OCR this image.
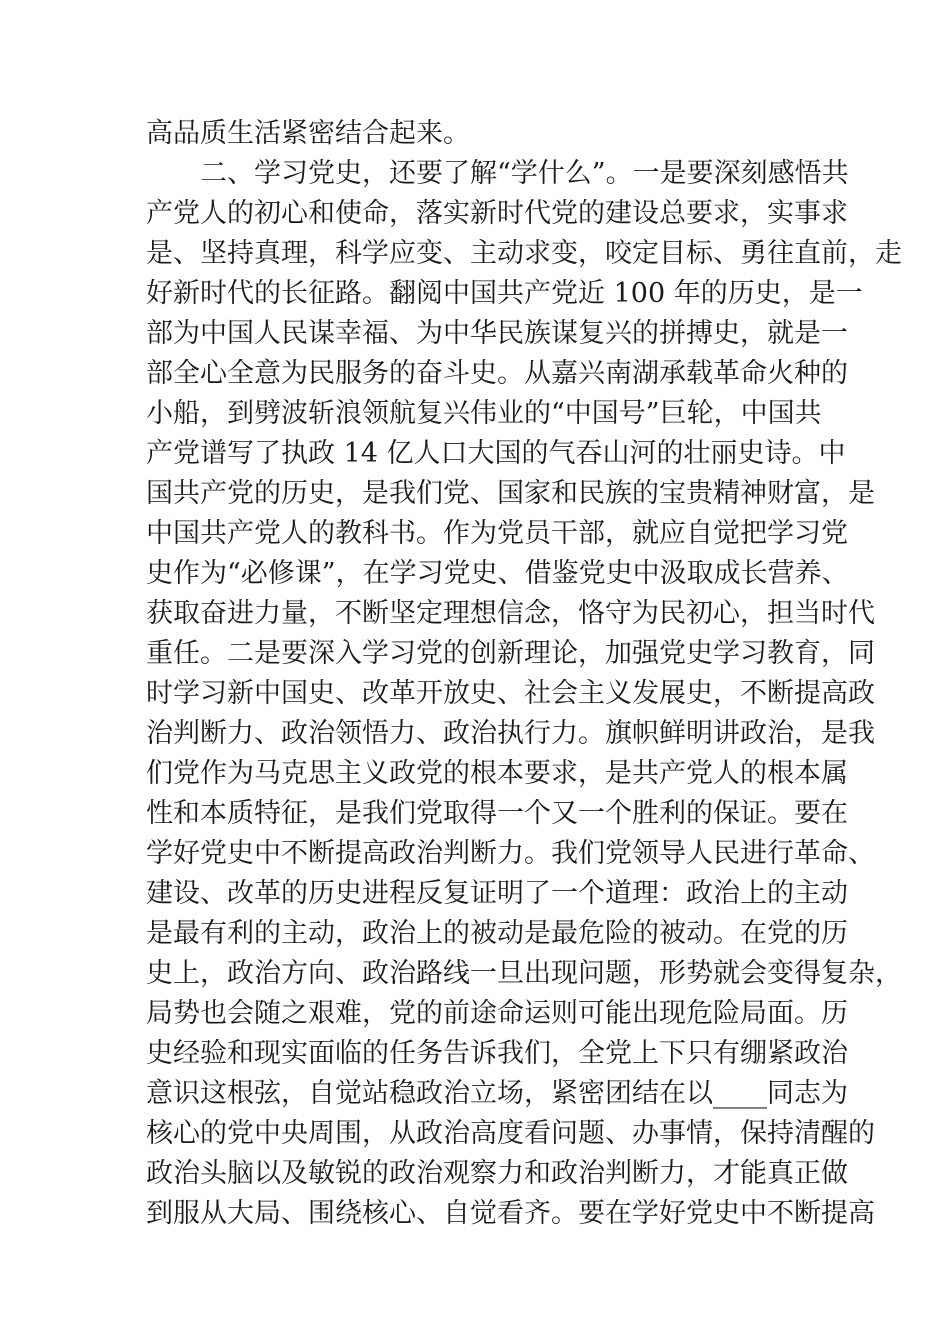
高品质生活紧密结合起来。
二、学习党史，还要了解“学什么”。一是要深刻感悟共
产党人的初心和使命，落实新时代党的建设总要求，实事求
是、坚持真理，科学应变、主动求变，咬定目标、勇往直前，走
好新时代的长征路。翻阅中国共产党近 100 年的历史，是一
部为中国人民谋幸福、为中华民族谋复兴的拼搏史，就是一
部全心全意为民服务的奋斗史。从嘉兴南湖承载革命火种的
小船，到劈波斩浪领航复兴伟业的“中国号”巨轮，中国共
产党谱写了执政 14 亿人口大国的气吞山河的壮丽史诗。中
国共产党的历史，是我们党、国家和民族的宝贵精神财富，是
中国共产党人的教科书。作为党员干部，就应自觉把学习党
史作为“必修课”，在学习党史、借鉴党史中汲取成长营养、
获取奋进力量，不断坚定理想信念，恪守为民初心，担当时代
重任。二是要深入学习党的创新理论，加强党史学习教育，同
时学习新中国史、改革开放史、社会主义发展史，不断提高政
治判断力、政治领悟力、政治执行力。旗帜鲜明讲政治，是我
们党作为马克思主义政党的根本要求，是共产党人的根本属
性和本质特征，是我们党取得一个又一个胜利的保证。要在
学好党史中不断提高政治判断力。我们党领导人民进行革命、
建设、改革的历史进程反复证明了一个道理：政治上的主动
是最有利的主动，政治上的被动是最危险的被动。在党的历
史上，政治方向、政治路线一旦出现问题，形势就会变得复杂，
局势也会随之艰难，党的前途命运则可能出现危险局面。历
史经验和现实面临的任务告诉我们，全党上下只有绷紧政治
意识这根弦，自觉站稳政治立场，紧密团结在以____同志为
核心的党中央周围，从政治高度看问题、办事情，保持清醒的
政治头脑以及敏锐的政治观察力和政治判断力，才能真正做
到服从大局、围绕核心、自觉看齐。要在学好党史中不断提高
